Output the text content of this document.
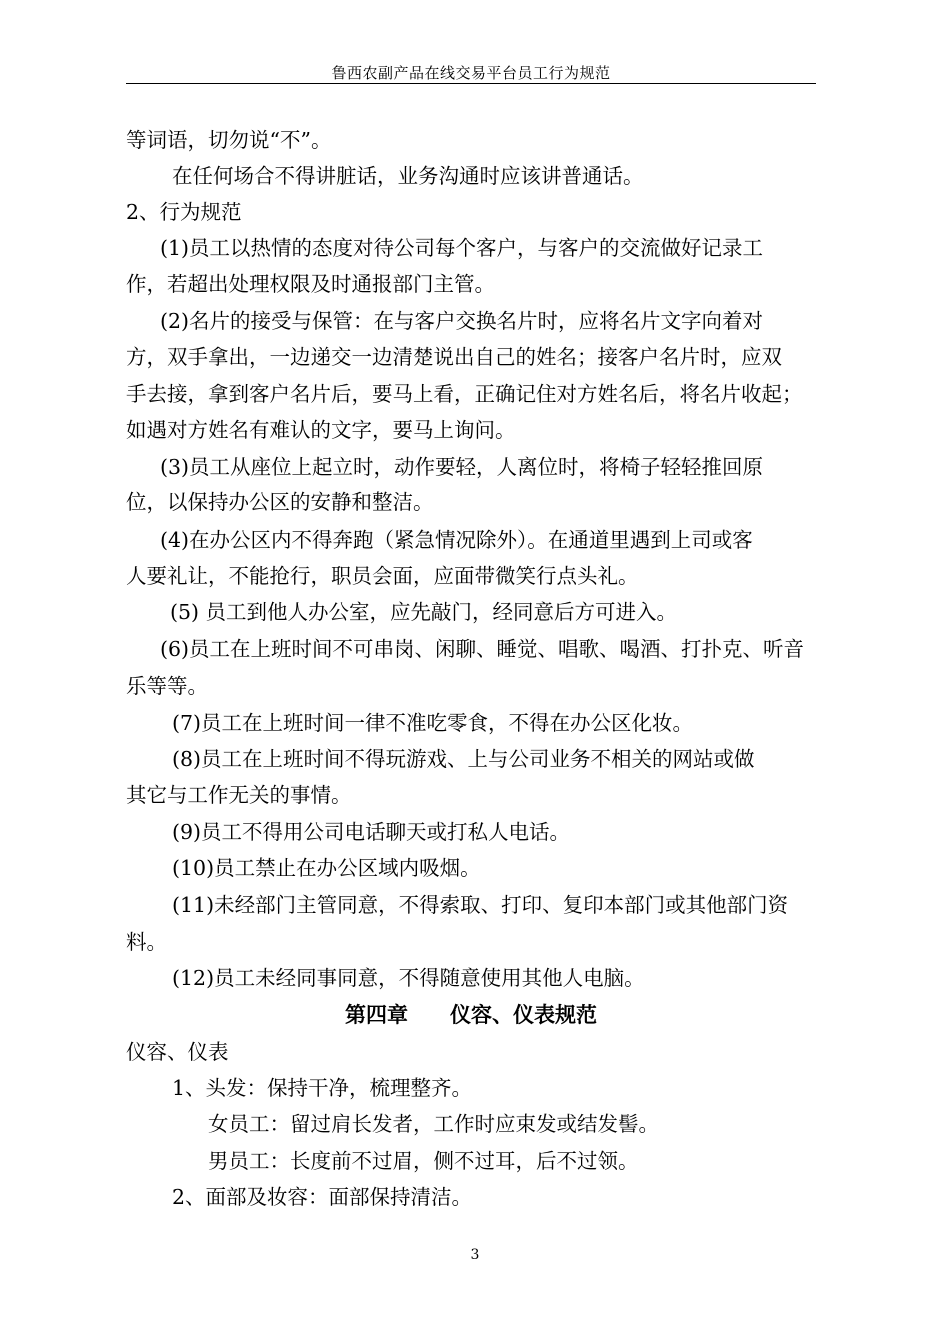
鲁西农副产品在线交易平台员工行为规范
等词语，切勿说“不”。
在任何场合不得讲脏话，业务沟通时应该讲普通话。
2、行为规范
(1)员工以热情的态度对待公司每个客户，与客户的交流做好记录工
作，若超出处理权限及时通报部门主管。
(2)名片的接受与保管：在与客户交换名片时，应将名片文字向着对
方，双手拿出，一边递交一边清楚说出自己的姓名；接客户名片时，应双
手去接，拿到客户名片后，要马上看，正确记住对方姓名后，将名片收起；
如遇对方姓名有难认的文字，要马上询问。
(3)员工从座位上起立时，动作要轻，人离位时，将椅子轻轻推回原
位，以保持办公区的安静和整洁。
(4)在办公区内不得奔跑（紧急情况除外）。在通道里遇到上司或客
人要礼让，不能抢行，职员会面，应面带微笑行点头礼。
(5) 员工到他人办公室，应先敲门，经同意后方可进入。
(6)员工在上班时间不可串岗、闲聊、睡觉、唱歌、喝酒、打扑克、听音
乐等等。
(7)员工在上班时间一律不准吃零食，不得在办公区化妆。
(8)员工在上班时间不得玩游戏、上与公司业务不相关的网站或做
其它与工作无关的事情。
(9)员工不得用公司电话聊天或打私人电话。
(10)员工禁止在办公区域内吸烟。
(11)未经部门主管同意，不得索取、打印、复印本部门或其他部门资
料。
(12)员工未经同事同意，不得随意使用其他人电脑。
第四章　　仪容、仪表规范
仪容、仪表
1、头发：保持干净，梳理整齐。
女员工：留过肩长发者，工作时应束发或结发髻。
男员工：长度前不过眉，侧不过耳，后不过领。
2、面部及妆容：面部保持清洁。
3
